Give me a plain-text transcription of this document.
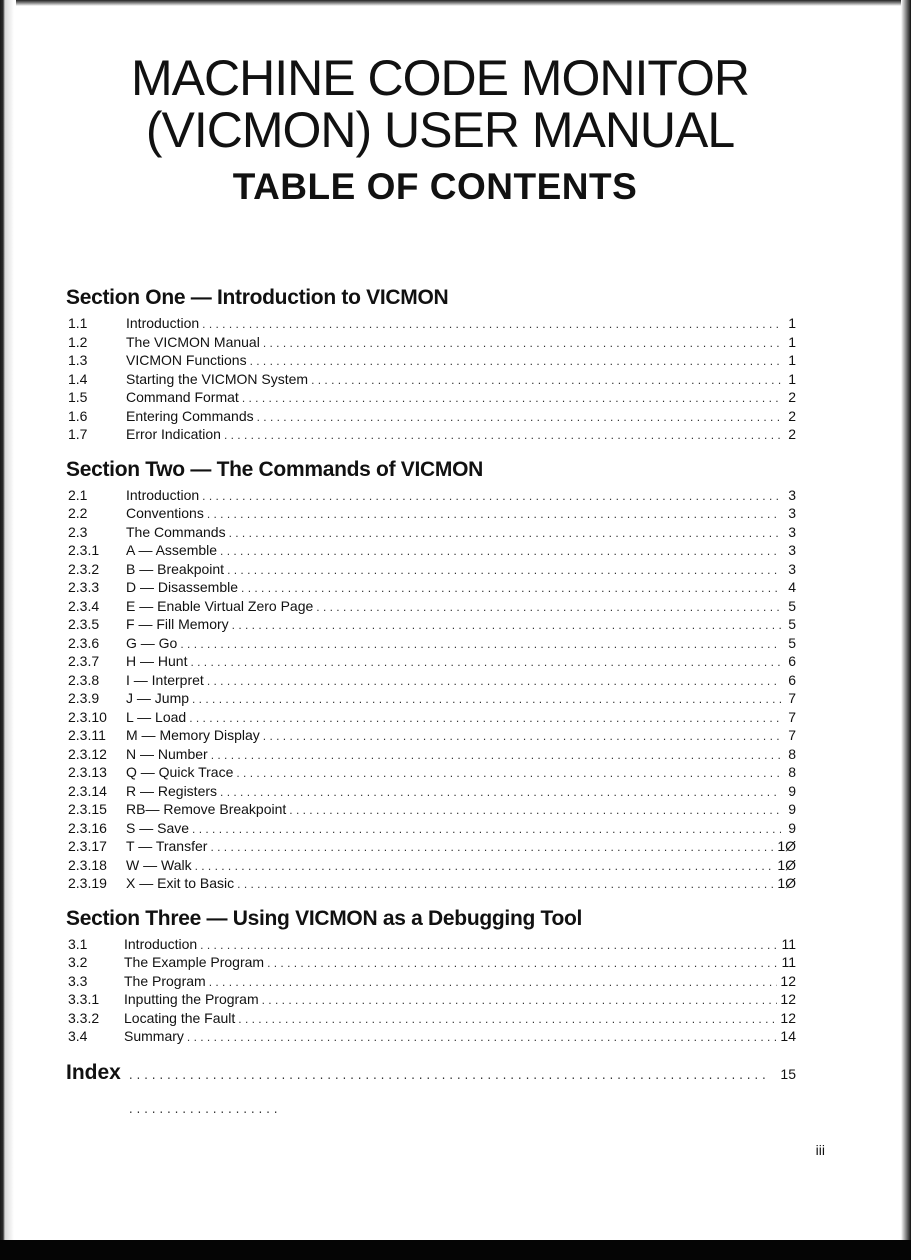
MACHINE CODE MONITOR
(VICMON) USER MANUAL
TABLE OF CONTENTS
Section One — Introduction to VICMON
1.1	Introduction . . .	1
1.2	The VICMON Manual . . .	1
1.3	VICMON Functions . . .	1
1.4	Starting the VICMON System . . .	1
1.5	Command Format . . .	2
1.6	Entering Commands . . .	2
1.7	Error Indication . . .	2
Section Two — The Commands of VICMON
2.1	Introduction . . .	3
2.2	Conventions . . .	3
2.3	The Commands . . .	3
2.3.1	A — Assemble . . .	3
2.3.2	B — Breakpoint . . .	3
2.3.3	D — Disassemble . . .	4
2.3.4	E — Enable Virtual Zero Page . . .	5
2.3.5	F — Fill Memory . . .	5
2.3.6	G — Go . . .	5
2.3.7	H — Hunt . . .	6
2.3.8	I — Interpret . . .	6
2.3.9	J — Jump . . .	7
2.3.10	L — Load . . .	7
2.3.11	M — Memory Display . . .	7
2.3.12	N — Number . . .	8
2.3.13	Q — Quick Trace . . .	8
2.3.14	R — Registers . . .	9
2.3.15	RB— Remove Breakpoint . . .	9
2.3.16	S — Save . . .	9
2.3.17	T — Transfer . . .	1Ø
2.3.18	W — Walk . . .	1Ø
2.3.19	X — Exit to Basic . . .	1Ø
Section Three — Using VICMON as a Debugging Tool
3.1	Introduction . . .	11
3.2	The Example Program . . .	11
3.3	The Program . . .	12
3.3.1	Inputting the Program . . .	12
3.3.2	Locating the Fault . . .	12
3.4	Summary . . .	14
Index . . .	15
iii
